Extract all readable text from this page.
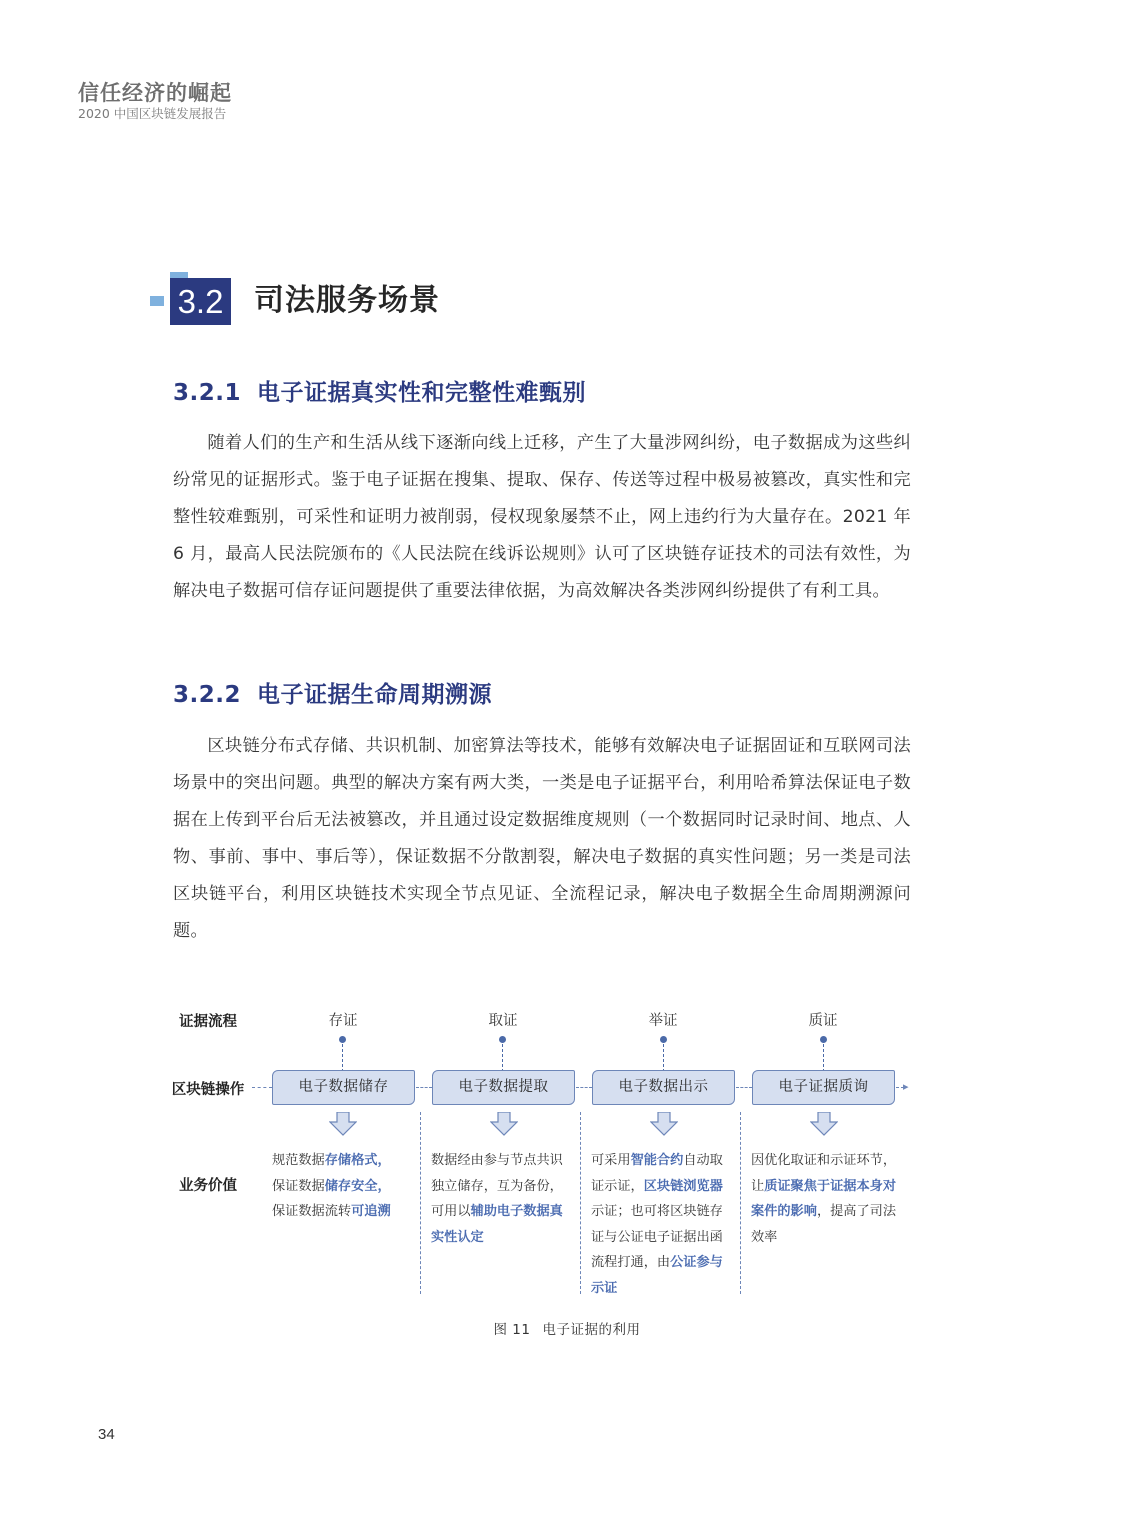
信任经济的崛起
2020 中国区块链发展报告
3.2 司法服务场景
3.2.1 电子证据真实性和完整性难甄别

随着人们的生产和生活从线下逐渐向线上迁移，产生了大量涉网纠纷，电子数据成为这些纠纷常见的证据形式。鉴于电子证据在搜集、提取、保存、传送等过程中极易被篡改，真实性和完整性较难甄别，可采性和证明力被削弱，侵权现象屡禁不止，网上违约行为大量存在。2021 年 6 月，最高人民法院颁布的《人民法院在线诉讼规则》认可了区块链存证技术的司法有效性，为解决电子数据可信存证问题提供了重要法律依据，为高效解决各类涉网纠纷提供了有利工具。

3.2.2 电子证据生命周期溯源

区块链分布式存储、共识机制、加密算法等技术，能够有效解决电子证据固证和互联网司法场景中的突出问题。典型的解决方案有两大类，一类是电子证据平台，利用哈希算法保证电子数据在上传到平台后无法被篡改，并且通过设定数据维度规则（一个数据同时记录时间、地点、人物、事前、事中、事后等），保证数据不分散割裂，解决电子数据的真实性问题；另一类是司法区块链平台，利用区块链技术实现全节点见证、全流程记录，解决电子数据全生命周期溯源问题。

证据流程
区块链操作
业务价值
存证
电子数据储存
规范数据存储格式，
保证数据储存安全，
保证数据流转可追溯
取证
电子数据提取
数据经由参与节点共识独立储存，互为备份，可用以辅助电子数据真实性认定
举证
电子数据出示
可采用智能合约自动取证示证，区块链浏览器示证；也可将区块链存证与公证电子证据出函流程打通，由公证参与示证
质证
电子证据质询
因优化取证和示证环节，让质证聚焦于证据本身对案件的影响，提高了司法效率
▸
图 11 电子证据的利用
34
